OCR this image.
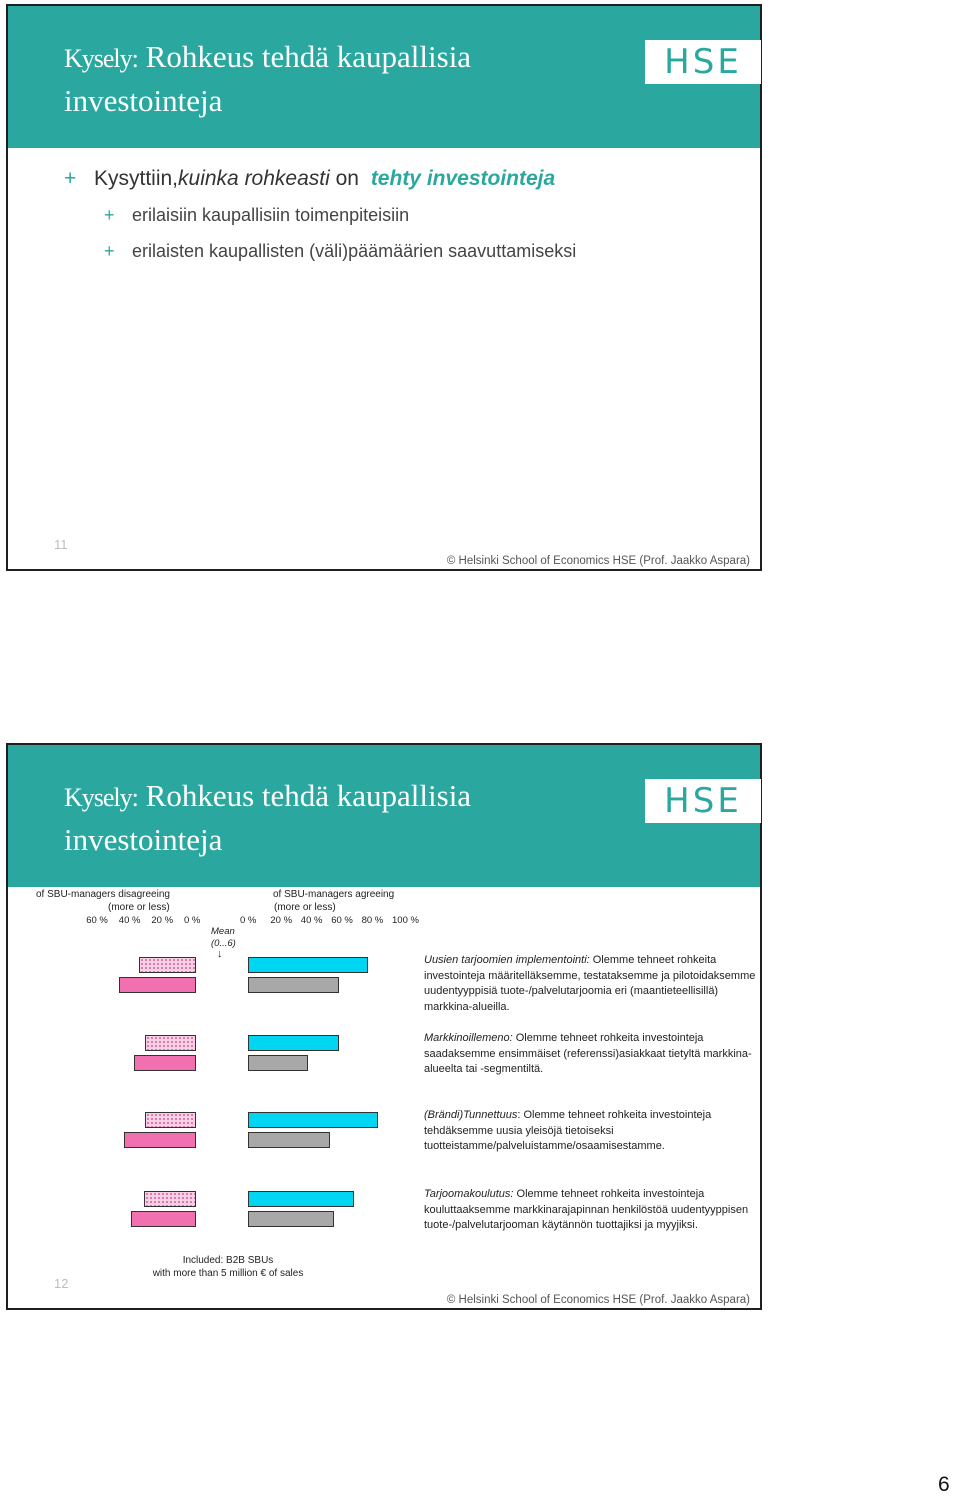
Kysely: Rohkeus tehdä kaupallisia investointeja
HSE
+ Kysyttiin, kuinka rohkeasti on tehty investointeja
+ erilaisiin kaupallisiin toimenpiteisiin
+ erilaisten kaupallisten (väli)päämäärien saavuttamiseksi
11
© Helsinki School of Economics HSE (Prof. Jaakko Aspara)
Kysely: Rohkeus tehdä kaupallisia investointeja
HSE
of SBU-managers disagreeing
(more or less)
of SBU-managers agreeing
(more or less)
Mean
(0...6)
↓
Included: B2B SBUs
with more than 5 million € of sales
12
© Helsinki School of Economics HSE (Prof. Jaakko Aspara)
60 % 40 % 20 % 0 %	0 % 20 % 40 % 60 % 80 % 100 %
Uusien tarjoomien implementointi: Olemme tehneet rohkeita investointeja määritelläksemme, testataksemme ja pilotoidaksemme uudentyyppisiä tuote-/palvelutarjoomia eri (maantieteellisillä) markkina-alueilla.
Markkinoillemeno: Olemme tehneet rohkeita investointeja saadaksemme ensimmäiset (referenssi)asiakkaat tietyltä markkina-alueelta tai -segmentiltä.
(Brändi)Tunnettuus: Olemme tehneet rohkeita investointeja tehdäksemme uusia yleisöjä tietoiseksi tuotteistamme/palveluistamme/osaamisestamme.
Tarjoomakoulutus: Olemme tehneet rohkeita investointeja kouluttaaksemme markkinarajapinnan henkilöstöä uudentyyppisen tuote-/palvelutarjooman käytännön tuottajiksi ja myyjiksi.
6
